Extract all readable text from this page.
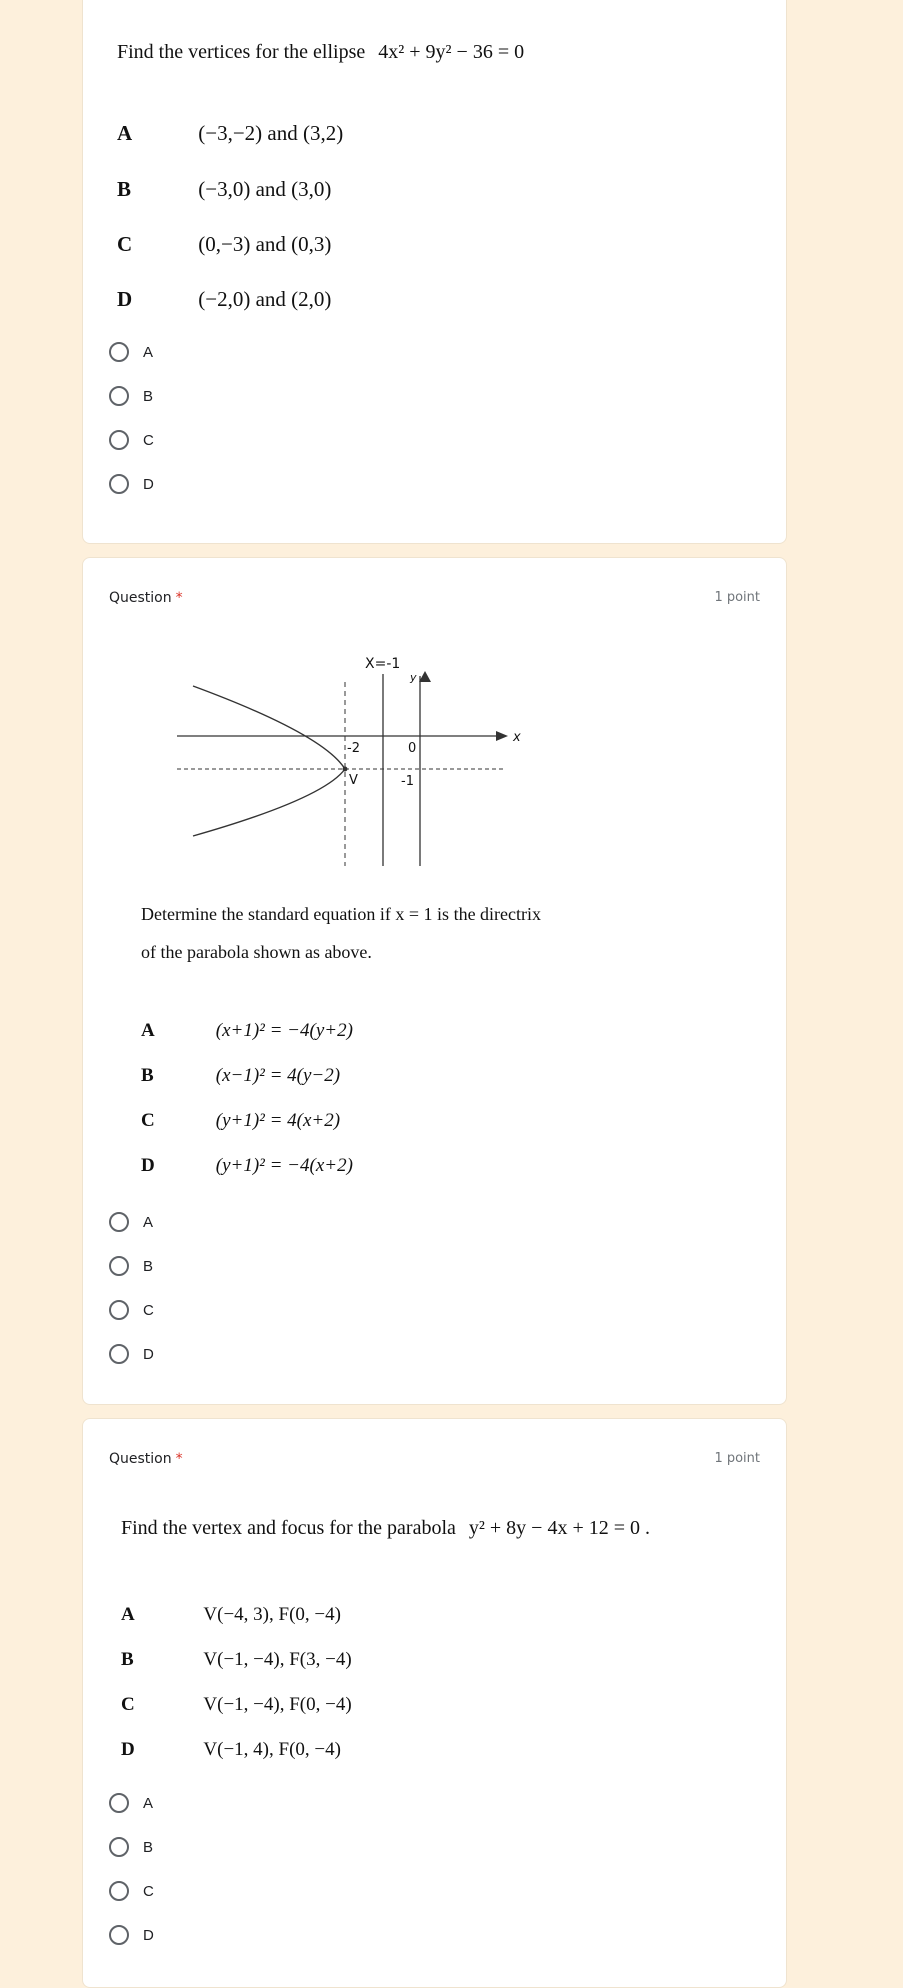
Find the vertices for the ellipse 4x² + 9y² − 36 = 0
A	(−3,−2) and (3,2)
B	(−3,0) and (3,0)
C	(0,−3) and (0,3)
D	(−2,0) and (2,0)
A
B
C
D
Question *	1 point
X=-1
y
x
-2	0
-1
V
Determine the standard equation if x = 1 is the directrix
of the parabola shown as above.
A	(x+1)² = −4(y+2)
B	(x−1)² = 4(y−2)
C	(y+1)² = 4(x+2)
D	(y+1)² = −4(x+2)
A
B
C
D
Question *	1 point
Find the vertex and focus for the parabola y² + 8y − 4x + 12 = 0 .
A	V(−4, 3), F(0, −4)
B	V(−1, −4), F(3, −4)
C	V(−1, −4), F(0, −4)
D	V(−1, 4), F(0, −4)
A
B
C
D
